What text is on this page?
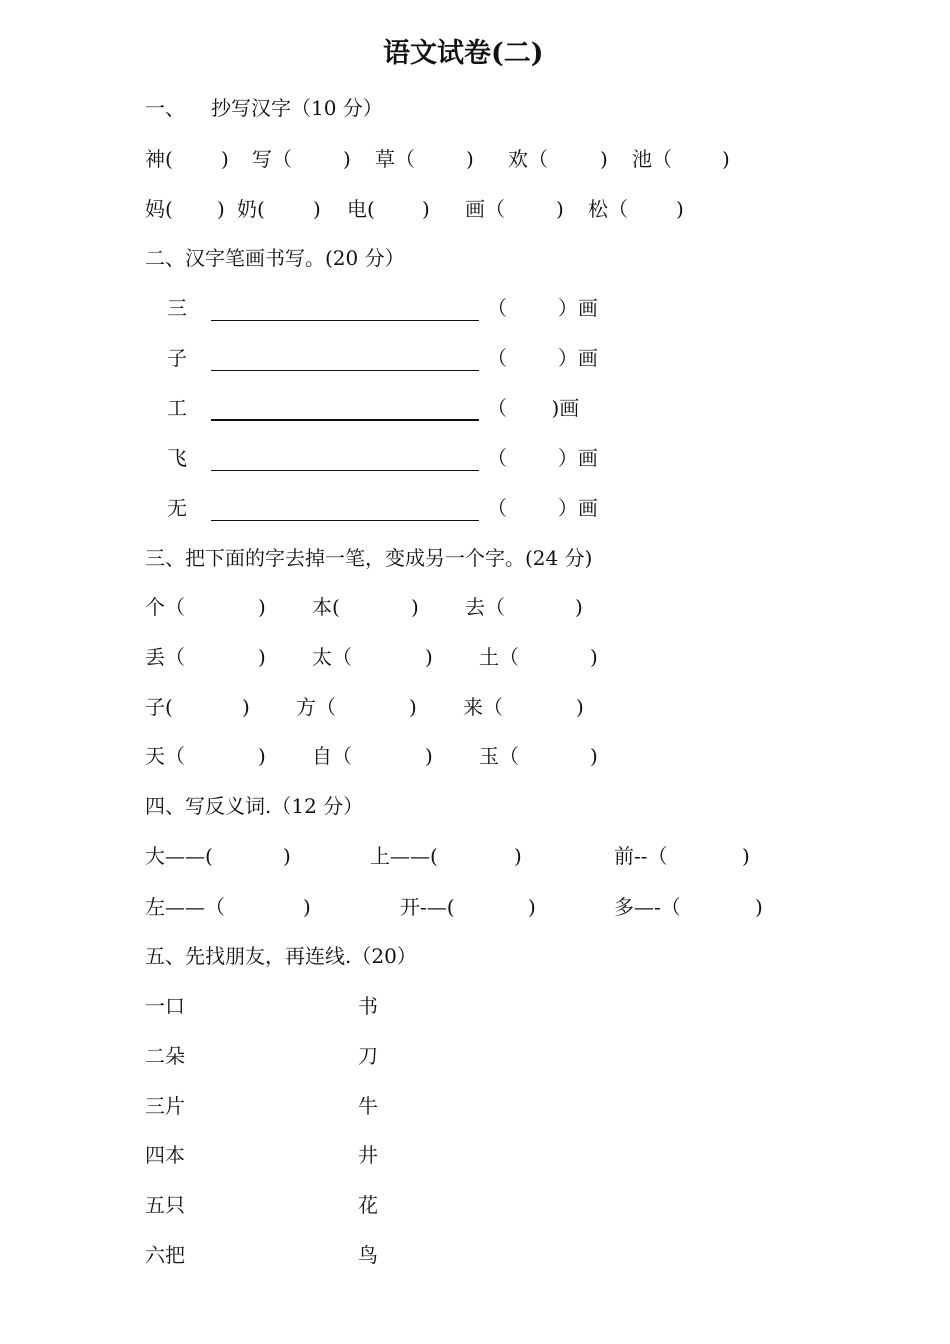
语文试卷(二)
一、 抄写汉字（10 分）
神( ) 写（	) 草（	) 欢（	) 池（	)
妈( ) 奶( ) 电( ) 画（	) 松（ )
二、汉字笔画书写。(20 分）
三	（        ）画
子	（        ）画
工	（       )画
飞	（        ）画
无	（        ）画
三、把下面的字去掉一笔，变成另一个字。(24 分)
个（	) 本(	) 去（	)
丢（	) 太（	) 土（	)
子(	) 方（	) 来（	)
天（	) 自（	) 玉（	)
四、写反义词.（12 分）
大——(	)	上——(	)	前--（	)
左——（	)	开-—(	)	多—-（	)
五、先找朋友，再连线.（20）
一口	书
二朵	刀
三片	牛
四本	井
五只	花
六把	鸟
